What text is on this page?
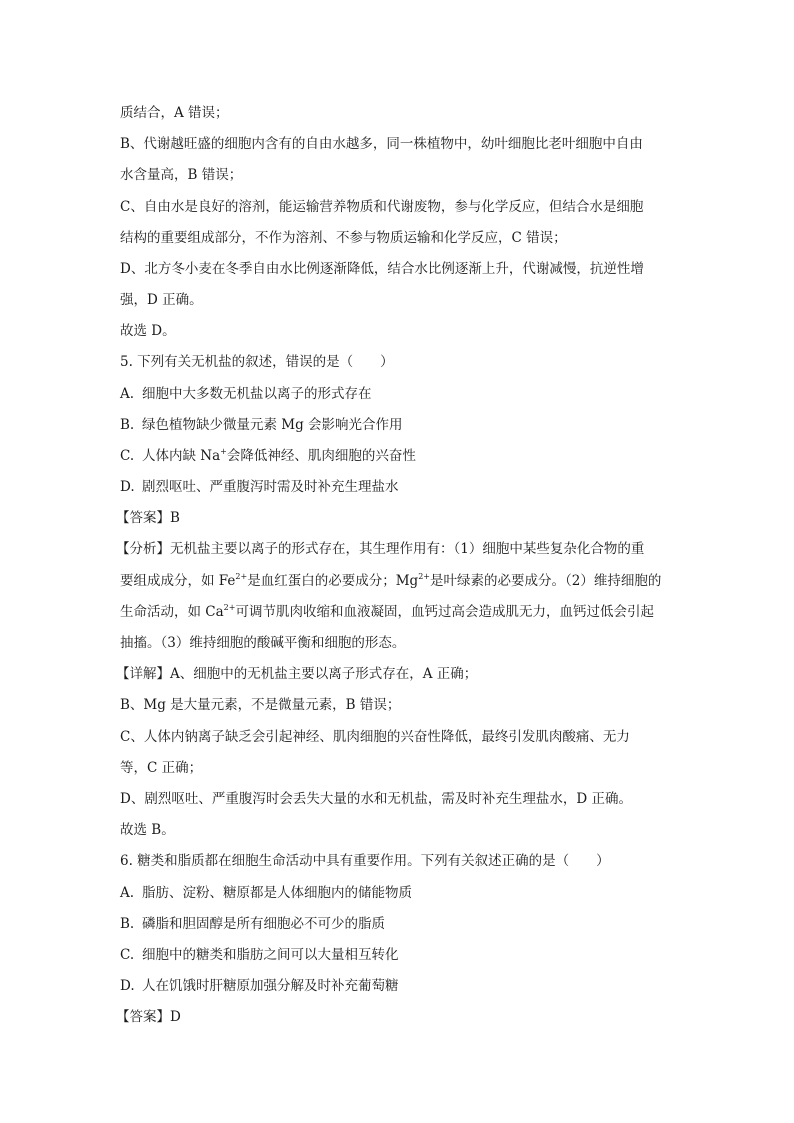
质结合，A 错误；
B、代谢越旺盛的细胞内含有的自由水越多，同一株植物中，幼叶细胞比老叶细胞中自由
水含量高，B 错误；
C、自由水是良好的溶剂，能运输营养物质和代谢废物，参与化学反应，但结合水是细胞
结构的重要组成部分，不作为溶剂、不参与物质运输和化学反应，C 错误；
D、北方冬小麦在冬季自由水比例逐渐降低，结合水比例逐渐上升，代谢减慢，抗逆性增
强，D 正确。
故选 D。
5. 下列有关无机盐的叙述，错误的是（　　）
A. 细胞中大多数无机盐以离子的形式存在
B. 绿色植物缺少微量元素 Mg 会影响光合作用
C. 人体内缺 Na+会降低神经、肌肉细胞的兴奋性
D. 剧烈呕吐、严重腹泻时需及时补充生理盐水
【答案】B
【分析】无机盐主要以离子的形式存在，其生理作用有：（1）细胞中某些复杂化合物的重
要组成成分，如 $Fe^{2+}$是血红蛋白的必要成分；$Mg^{2+}$是叶绿素的必要成分。（2）维持细胞的
生命活动，如 $Ca^{2+}$可调节肌肉收缩和血液凝固，血钙过高会造成肌无力，血钙过低会引起
抽搐。（3）维持细胞的酸碱平衡和细胞的形态。
【详解】A、细胞中的无机盐主要以离子形式存在，A 正确；
B、Mg 是大量元素，不是微量元素，B 错误；
C、人体内钠离子缺乏会引起神经、肌肉细胞的兴奋性降低，最终引发肌肉酸痛、无力
等，C 正确；
D、剧烈呕吐、严重腹泻时会丢失大量的水和无机盐，需及时补充生理盐水，D 正确。
故选 B。
6. 糖类和脂质都在细胞生命活动中具有重要作用。下列有关叙述正确的是（　　）
A. 脂肪、淀粉、糖原都是人体细胞内的储能物质
B. 磷脂和胆固醇是所有细胞必不可少的脂质
C. 细胞中的糖类和脂肪之间可以大量相互转化
D. 人在饥饿时肝糖原加强分解及时补充葡萄糖
【答案】D
